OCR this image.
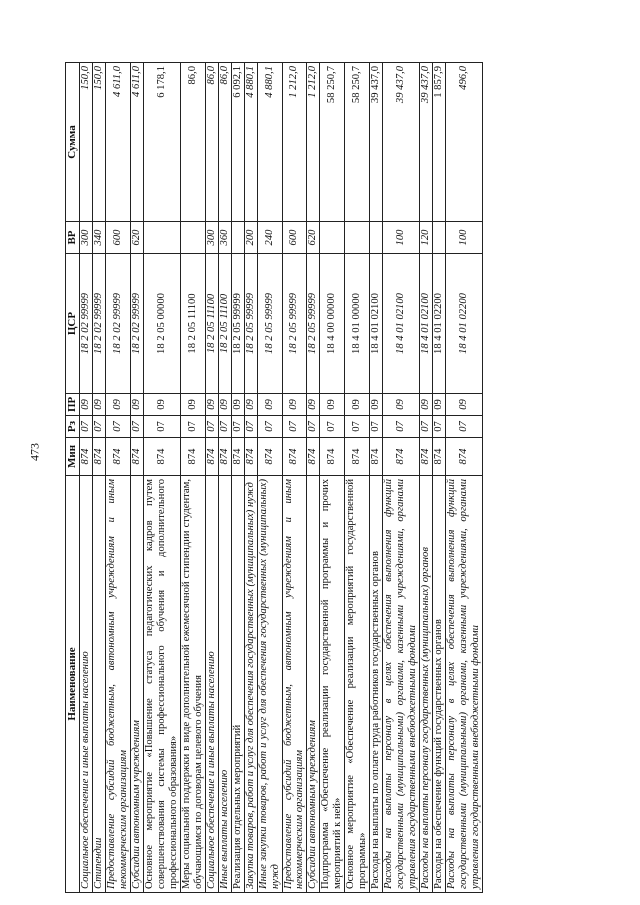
473
Наименование	Мин	Рз	ПР	ЦСР	ВР	Сумма
Социальное обеспечение и иные выплаты населению	874	07	09	18 2 02 99999	300	150,0
Стипендии	874	07	09	18 2 02 99999	340	150,0
Предоставление субсидий бюджетным, автономным учреждениям и иным некоммерческим организациям	874	07	09	18 2 02 99999	600	4 611,0
Субсидии автономным учреждениям	874	07	09	18 2 02 99999	620	4 611,0
Основное мероприятие «Повышение статуса педагогических кадров путем совершенствования системы профессионального обучения и дополнительного профессионального образования»	874	07	09	18 2 05 00000		6 178,1
Меры социальной поддержки в виде дополнительной ежемесячной стипендии студентам, обучающимся по договорам целевого обучения	874	07	09	18 2 05 11100		86,0
Социальное обеспечение и иные выплаты населению	874	07	09	18 2 05 11100	300	86,0
Иные выплаты населению	874	07	09	18 2 05 11100	360	86,0
Реализация отдельных мероприятий	874	07	09	18 2 05 99999		6 092,1
Закупка товаров, работ и услуг для обеспечения государственных (муниципальных) нужд	874	07	09	18 2 05 99999	200	4 880,1
Иные закупки товаров, работ и услуг для обеспечения государственных (муниципальных) нужд	874	07	09	18 2 05 99999	240	4 880,1
Предоставление субсидий бюджетным, автономным учреждениям и иным некоммерческим организациям	874	07	09	18 2 05 99999	600	1 212,0
Субсидии автономным учреждениям	874	07	09	18 2 05 99999	620	1 212,0
Подпрограмма «Обеспечение реализации государственной программы и прочих мероприятий к ней»	874	07	09	18 4 00 00000		58 250,7
Основное мероприятие «Обеспечение реализации мероприятий государственной программы»	874	07	09	18 4 01 00000		58 250,7
Расходы на выплаты по оплате труда работников государственных органов	874	07	09	18 4 01 02100		39 437,0
Расходы на выплаты персоналу в целях обеспечения выполнения функций государственными (муниципальными) органами, казенными учреждениями, органами управления государственными внебюджетными фондами	874	07	09	18 4 01 02100	100	39 437,0
Расходы на выплаты персоналу государственных (муниципальных) органов	874	07	09	18 4 01 02100	120	39 437,0
Расходы на обеспечение функций государственных органов	874	07	09	18 4 01 02200		1 857,9
Расходы на выплаты персоналу в целях обеспечения выполнения функций государственными (муниципальными) органами, казенными учреждениями, органами управления государственными внебюджетными фондами	874	07	09	18 4 01 02200	100	496,0
